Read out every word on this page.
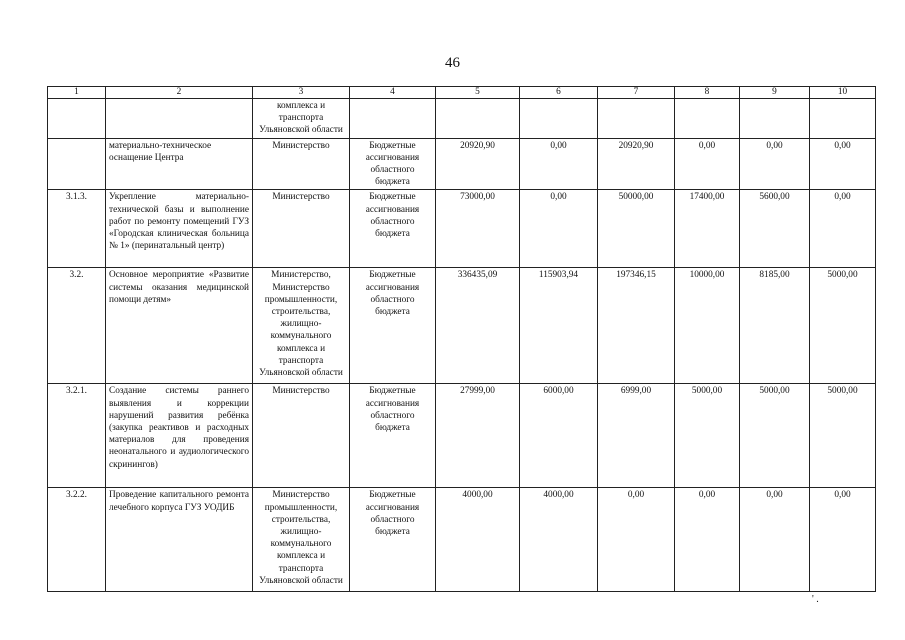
46
1	2	3	4	5	6	7	8	9	10
		комплекса и транспорта Ульяновской области							
	материально-техническое оснащение Центра	Министерство	Бюджетные ассигнования областного бюджета	20920,90	0,00	20920,90	0,00	0,00	0,00
3.1.3.	Укрепление материально-технической базы и выполнение работ по ремонту помещений ГУЗ «Городская клиническая больница № 1» (перинатальный центр)	Министерство	Бюджетные ассигнования областного бюджета	73000,00	0,00	50000,00	17400,00	5600,00	0,00
3.2.	Основное мероприятие «Развитие системы оказания медицинской помощи детям»	Министерство, Министерство промышленности, строительства, жилищно-коммунального комплекса и транспорта Ульяновской области	Бюджетные ассигнования областного бюджета	336435,09	115903,94	197346,15	10000,00	8185,00	5000,00
3.2.1.	Создание системы раннего выявления и коррекции нарушений развития ребёнка (закупка реактивов и расходных материалов для проведения неонатального и аудиологического скринингов)	Министерство	Бюджетные ассигнования областного бюджета	27999,00	6000,00	6999,00	5000,00	5000,00	5000,00
3.2.2.	Проведение капитального ремонта лечебного корпуса ГУЗ УОДИБ	Министерство промышленности, строительства, жилищно-коммунального комплекса и транспорта Ульяновской области	Бюджетные ассигнования областного бюджета	4000,00	4000,00	0,00	0,00	0,00	0,00
' .
